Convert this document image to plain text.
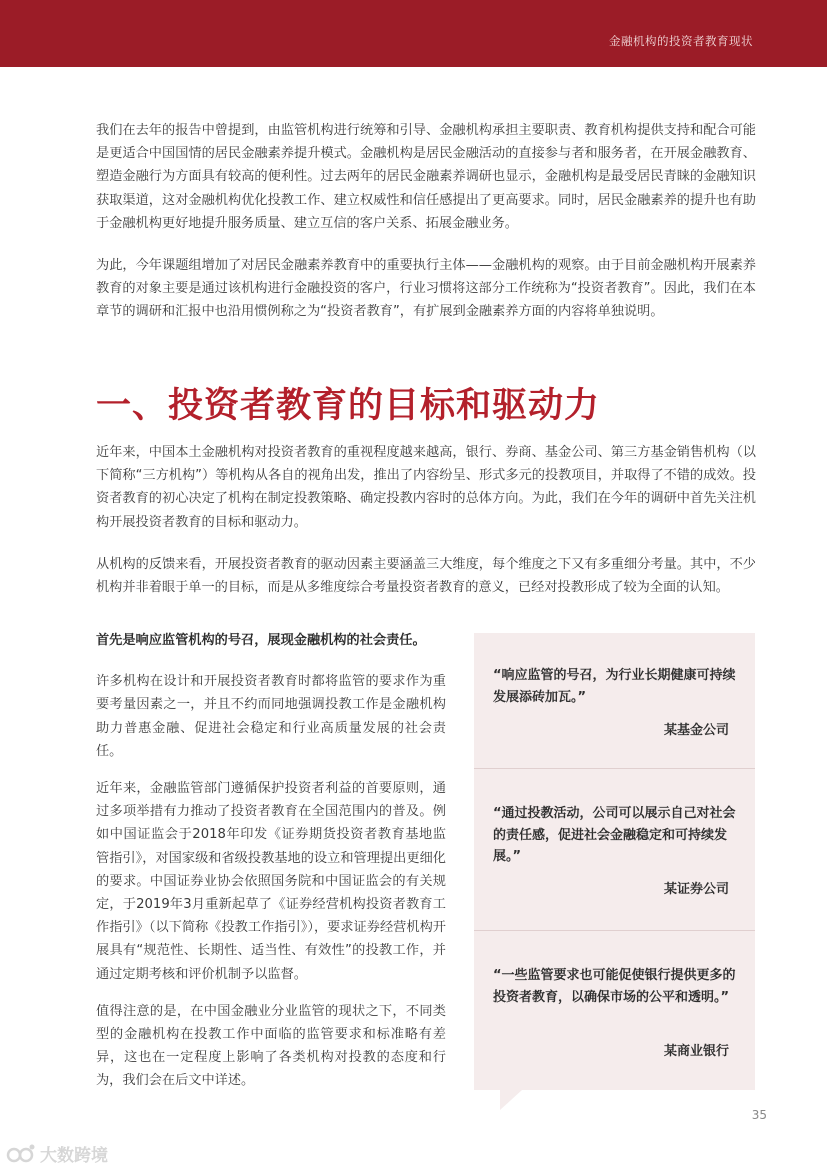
金融机构的投资者教育现状

我们在去年的报告中曾提到，由监管机构进行统筹和引导、金融机构承担主要职责、教育机构提供支持和配合可能是更适合中国国情的居民金融素养提升模式。金融机构是居民金融活动的直接参与者和服务者，在开展金融教育、塑造金融行为方面具有较高的便利性。过去两年的居民金融素养调研也显示，金融机构是最受居民青睐的金融知识获取渠道，这对金融机构优化投教工作、建立权威性和信任感提出了更高要求。同时，居民金融素养的提升也有助于金融机构更好地提升服务质量、建立互信的客户关系、拓展金融业务。

为此，今年课题组增加了对居民金融素养教育中的重要执行主体——金融机构的观察。由于目前金融机构开展素养教育的对象主要是通过该机构进行金融投资的客户，行业习惯将这部分工作统称为“投资者教育”。因此，我们在本章节的调研和汇报中也沿用惯例称之为“投资者教育”，有扩展到金融素养方面的内容将单独说明。

一、投资者教育的目标和驱动力

近年来，中国本土金融机构对投资者教育的重视程度越来越高，银行、券商、基金公司、第三方基金销售机构（以下简称“三方机构”）等机构从各自的视角出发，推出了内容纷呈、形式多元的投教项目，并取得了不错的成效。投资者教育的初心决定了机构在制定投教策略、确定投教内容时的总体方向。为此，我们在今年的调研中首先关注机构开展投资者教育的目标和驱动力。

从机构的反馈来看，开展投资者教育的驱动因素主要涵盖三大维度，每个维度之下又有多重细分考量。其中，不少机构并非着眼于单一的目标，而是从多维度综合考量投资者教育的意义，已经对投教形成了较为全面的认知。

首先是响应监管机构的号召，展现金融机构的社会责任。

许多机构在设计和开展投资者教育时都将监管的要求作为重要考量因素之一，并且不约而同地强调投教工作是金融机构助力普惠金融、促进社会稳定和行业高质量发展的社会责任。

近年来，金融监管部门遵循保护投资者利益的首要原则，通过多项举措有力推动了投资者教育在全国范围内的普及。例如中国证监会于2018年印发《证券期货投资者教育基地监管指引》，对国家级和省级投教基地的设立和管理提出更细化的要求。中国证券业协会依照国务院和中国证监会的有关规定，于2019年3月重新起草了《证券经营机构投资者教育工作指引》（以下简称《投教工作指引》），要求证券经营机构开展具有“规范性、长期性、适当性、有效性”的投教工作，并通过定期考核和评价机制予以监督。

值得注意的是，在中国金融业分业监管的现状之下，不同类型的金融机构在投教工作中面临的监管要求和标准略有差异，这也在一定程度上影响了各类机构对投教的态度和行为，我们会在后文中详述。

“响应监管的号召，为行业长期健康可持续发展添砖加瓦。”

某基金公司

“通过投教活动，公司可以展示自己对社会的责任感，促进社会金融稳定和可持续发展。”

某证券公司

“一些监管要求也可能促使银行提供更多的投资者教育，以确保市场的公平和透明。”

某商业银行

35
大数跨境
